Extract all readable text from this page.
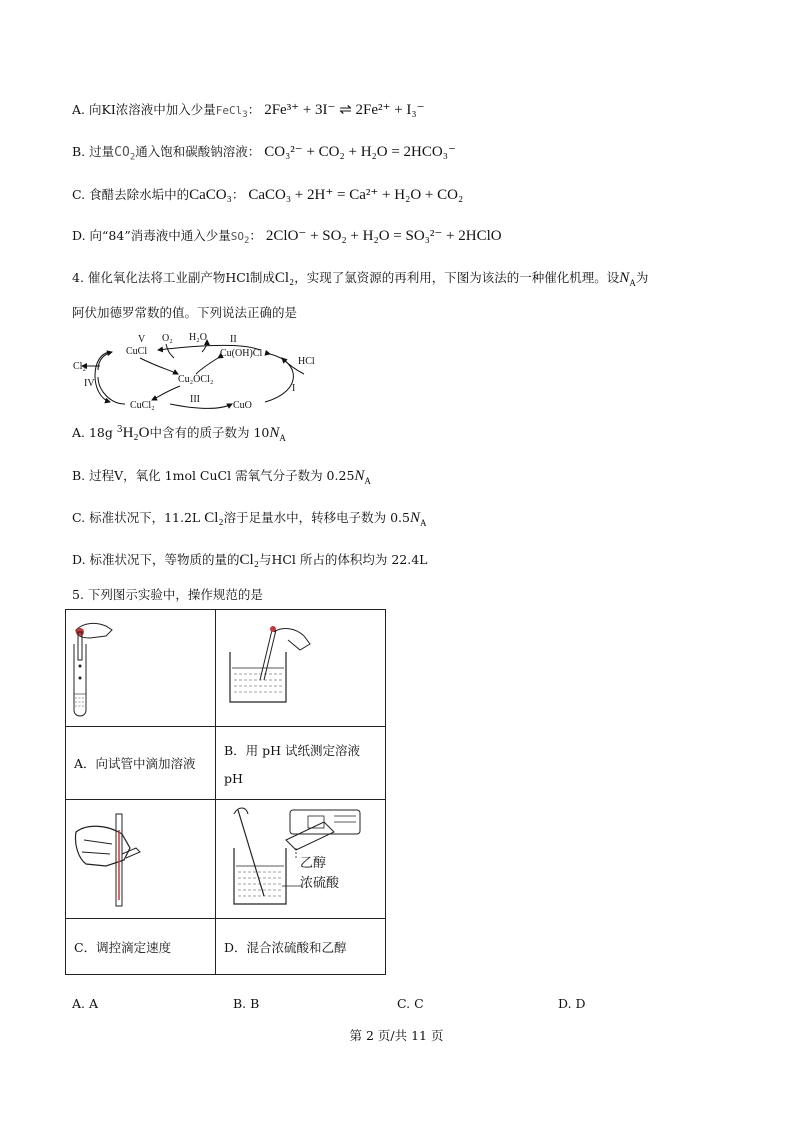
A. 向KI浓溶液中加入少量FeCl$_3$： 2Fe³⁺ + 3I⁻ ⇌ 2Fe²⁺ + I₃⁻
B. 过量$CO_2$通入饱和碳酸钠溶液： CO₃²⁻ + CO₂ + H₂O = 2HCO₃⁻
C. 食醋去除水垢中的CaCO₃： CaCO₃ + 2H⁺ = Ca²⁺ + H₂O + CO₂
D. 向“84”消毒液中通入少量$SO_2$： 2ClO⁻ + SO₂ + H₂O = SO₃²⁻ + 2HClO
4. 催化氧化法将工业副产物HCl制成Cl₂，实现了氯资源的再利用，下图为该法的一种催化机理。设$N_A$为
阿伏加德罗常数的值。下列说法正确的是
Cl₂
IV
V O₂
CuCl
H₂O II
Cu(OH)Cl
HCl
Cu₂OCl₂
I
CuCl₂
III
CuO
A. 18g $^3$H₂O中含有的质子数为 $10N_A$
B. 过程V，氧化 1mol CuCl 需氧气分子数为 $0.25N_A$
C. 标准状况下，11.2L Cl₂溶于足量水中，转移电子数为 $0.5N_A$
D. 标准状况下，等物质的量的Cl₂与HCl 所占的体积均为 22.4L
5. 下列图示实验中，操作规范的是

A．向试管中滴加溶液	B．用 pH 试纸测定溶液
pH

乙醇
浓硫酸

C．调控滴定速度	D．混合浓硫酸和乙醇
A. A	B. B	C. C	D. D
第 2 页/共 11 页
